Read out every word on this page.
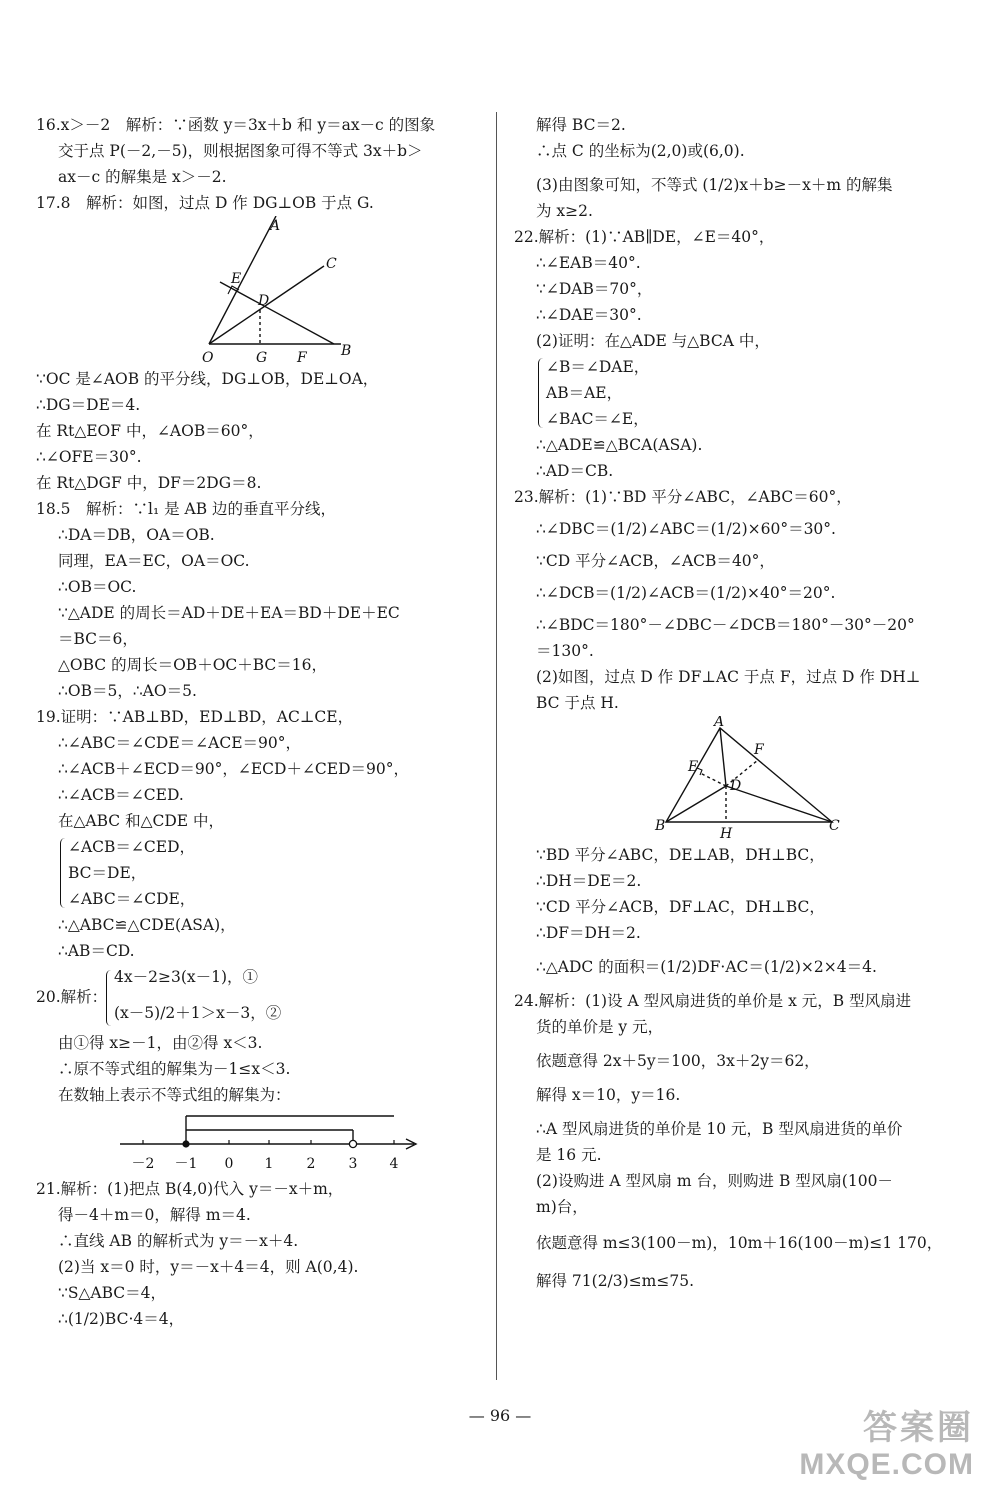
16.x＞－2　解析：∵函数 y＝3x＋b 和 y＝ax－c 的图象
交于点 P(－2,－5)，则根据图象可得不等式 3x＋b＞
ax－c 的解集是 x＞－2.
17.8　解析：如图，过点 D 作 DG⊥OB 于点 G.
A
C
E
D
O	G F B
∵OC 是∠AOB 的平分线，DG⊥OB，DE⊥OA，
∴DG＝DE＝4.
在 Rt△EOF 中，∠AOB＝60°，
∴∠OFE＝30°.
在 Rt△DGF 中，DF＝2DG＝8.
18.5　解析：∵l₁ 是 AB 边的垂直平分线，
∴DA＝DB，OA＝OB.
同理，EA＝EC，OA＝OC.
∴OB＝OC.
∵△ADE 的周长＝AD＋DE＋EA＝BD＋DE＋EC
＝BC＝6，
△OBC 的周长＝OB＋OC＋BC＝16，
∴OB＝5，∴AO＝5.
19.证明：∵AB⊥BD，ED⊥BD，AC⊥CE，
∴∠ABC＝∠CDE＝∠ACE＝90°，
∴∠ACB＋∠ECD＝90°，∠ECD＋∠CED＝90°，
∴∠ACB＝∠CED.
在△ABC 和△CDE 中，
∠ACB＝∠CED，
BC＝DE，
∠ABC＝∠CDE，
∴△ABC≌△CDE(ASA)，
∴AB＝CD.
20.解析：
4x－2≥3(x－1)，①
(x－5)/2＋1＞x－3，②
由①得 x≥－1，由②得 x＜3.
∴原不等式组的解集为－1≤x＜3.
在数轴上表示不等式组的解集为：
－2 －1 0 1 2 3 4
21.解析：(1)把点 B(4,0)代入 y＝－x＋m，
得－4＋m＝0，解得 m＝4.
∴直线 AB 的解析式为 y＝－x＋4.
(2)当 x＝0 时，y＝－x＋4＝4，则 A(0,4).
∵S△ABC＝4，
∴(1/2)BC·4＝4，
解得 BC＝2.
∴点 C 的坐标为(2,0)或(6,0).
(3)由图象可知，不等式 (1/2)x＋b≥－x＋m 的解集
为 x≥2.
22.解析：(1)∵AB∥DE，∠E＝40°，
∴∠EAB＝40°.
∵∠DAB＝70°，
∴∠DAE＝30°.
(2)证明：在△ADE 与△BCA 中，
∠B＝∠DAE，
AB＝AE，
∠BAC＝∠E，
∴△ADE≌△BCA(ASA).
∴AD＝CB.
23.解析：(1)∵BD 平分∠ABC，∠ABC＝60°，
∴∠DBC＝(1/2)∠ABC＝(1/2)×60°＝30°.
∵CD 平分∠ACB，∠ACB＝40°，
∴∠DCB＝(1/2)∠ACB＝(1/2)×40°＝20°.
∴∠BDC＝180°－∠DBC－∠DCB＝180°－30°－20°
＝130°.
(2)如图，过点 D 作 DF⊥AC 于点 F，过点 D 作 DH⊥
BC 于点 H.
A
F
E
D
B	H	C
∵BD 平分∠ABC，DE⊥AB，DH⊥BC，
∴DH＝DE＝2.
∵CD 平分∠ACB，DF⊥AC，DH⊥BC，
∴DF＝DH＝2.
∴△ADC 的面积＝(1/2)DF·AC＝(1/2)×2×4＝4.
24.解析：(1)设 A 型风扇进货的单价是 x 元，B 型风扇进
货的单价是 y 元，
依题意得 2x＋5y＝100，3x＋2y＝62，
解得 x＝10，y＝16.
∴A 型风扇进货的单价是 10 元，B 型风扇进货的单价
是 16 元.
(2)设购进 A 型风扇 m 台，则购进 B 型风扇(100－
m)台，
依题意得 m≤3(100－m)，10m＋16(100－m)≤1 170，
解得 71(2/3)≤m≤75.
— 96 —	答案圈
MXQE.COM
